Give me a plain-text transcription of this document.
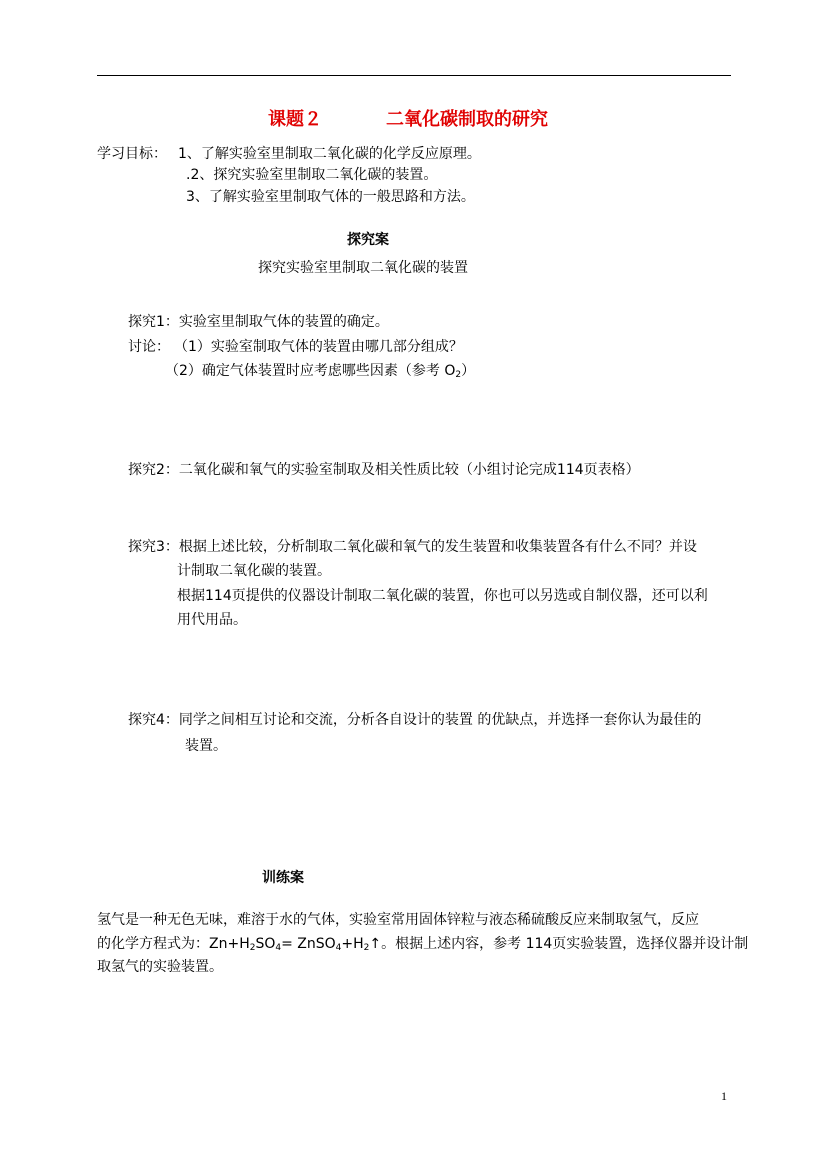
课题２	二氧化碳制取的研究
学习目标： 1、了解实验室里制取二氧化碳的化学反应原理。
.2、探究实验室里制取二氧化碳的装置。
3、了解实验室里制取气体的一般思路和方法。
探究案
探究实验室里制取二氧化碳的装置
探究1：实验室里制取气体的装置的确定。
讨论： （1）实验室制取气体的装置由哪几部分组成？
（2）确定气体装置时应考虑哪些因素（参考 $O_2$）
探究2：二氧化碳和氧气的实验室制取及相关性质比较（小组讨论完成114页表格）
探究3：根据上述比较，分析制取二氧化碳和氧气的发生装置和收集装置各有什么不同？并设
计制取二氧化碳的装置。
根据114页提供的仪器设计制取二氧化碳的装置，你也可以另选或自制仪器，还可以利
用代用品。
探究4：同学之间相互讨论和交流，分析各自设计的装置 的优缺点，并选择一套你认为最佳的
装置。
训练案
氢气是一种无色无味，难溶于水的气体，实验室常用固体锌粒与液态稀硫酸反应来制取氢气，反应
的化学方程式为：$Zn+H_2SO_4=$ $ZnSO_4+H_2↑$。根据上述内容，参考 114页实验装置，选择仪器并设计制
取氢气的实验装置。
1
